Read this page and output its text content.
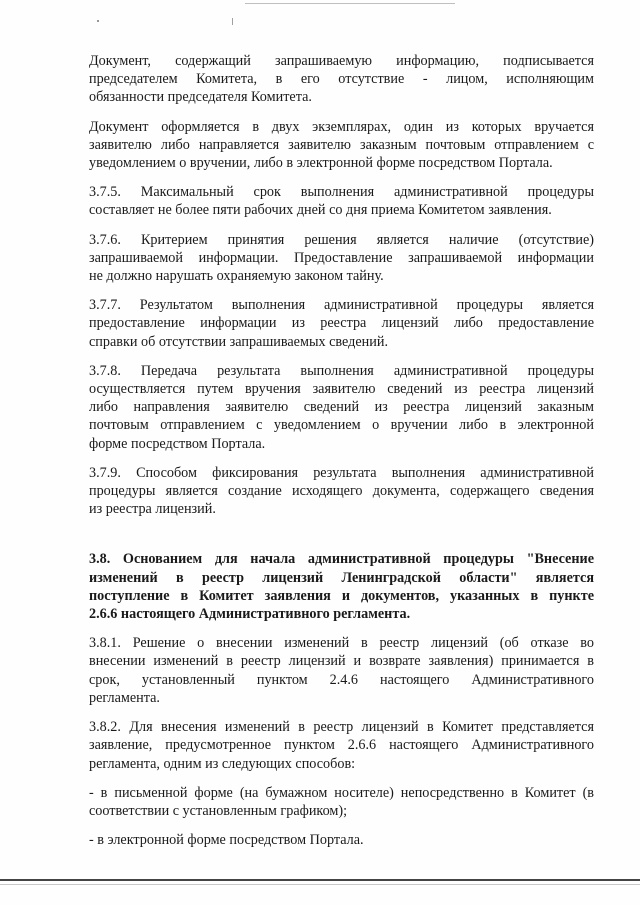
Документ, содержащий запрашиваемую информацию, подписывается
председателем Комитета, в его отсутствие - лицом, исполняющим
обязанности председателя Комитета.

Документ оформляется в двух экземплярах, один из которых вручается
заявителю либо направляется заявителю заказным почтовым отправлением с
уведомлением о вручении, либо в электронной форме посредством Портала.

3.7.5. Максимальный срок выполнения административной процедуры
составляет не более пяти рабочих дней со дня приема Комитетом заявления.

3.7.6. Критерием принятия решения является наличие (отсутствие)
запрашиваемой информации. Предоставление запрашиваемой информации
не должно нарушать охраняемую законом тайну.

3.7.7. Результатом выполнения административной процедуры является
предоставление информации из реестра лицензий либо предоставление
справки об отсутствии запрашиваемых сведений.

3.7.8. Передача результата выполнения административной процедуры
осуществляется путем вручения заявителю сведений из реестра лицензий
либо направления заявителю сведений из реестра лицензий заказным
почтовым отправлением с уведомлением о вручении либо в электронной
форме посредством Портала.

3.7.9. Способом фиксирования результата выполнения административной
процедуры является создание исходящего документа, содержащего сведения
из реестра лицензий.

3.8. Основанием для начала административной процедуры "Внесение
изменений в реестр лицензий Ленинградской области" является
поступление в Комитет заявления и документов, указанных в пункте
2.6.6 настоящего Административного регламента.

3.8.1. Решение о внесении изменений в реестр лицензий (об отказе во
внесении изменений в реестр лицензий и возврате заявления) принимается в
срок, установленный пунктом 2.4.6 настоящего Административного
регламента.

3.8.2. Для внесения изменений в реестр лицензий в Комитет представляется
заявление, предусмотренное пунктом 2.6.6 настоящего Административного
регламента, одним из следующих способов:

- в письменной форме (на бумажном носителе) непосредственно в Комитет (в
соответствии с установленным графиком);

- в электронной форме посредством Портала.
